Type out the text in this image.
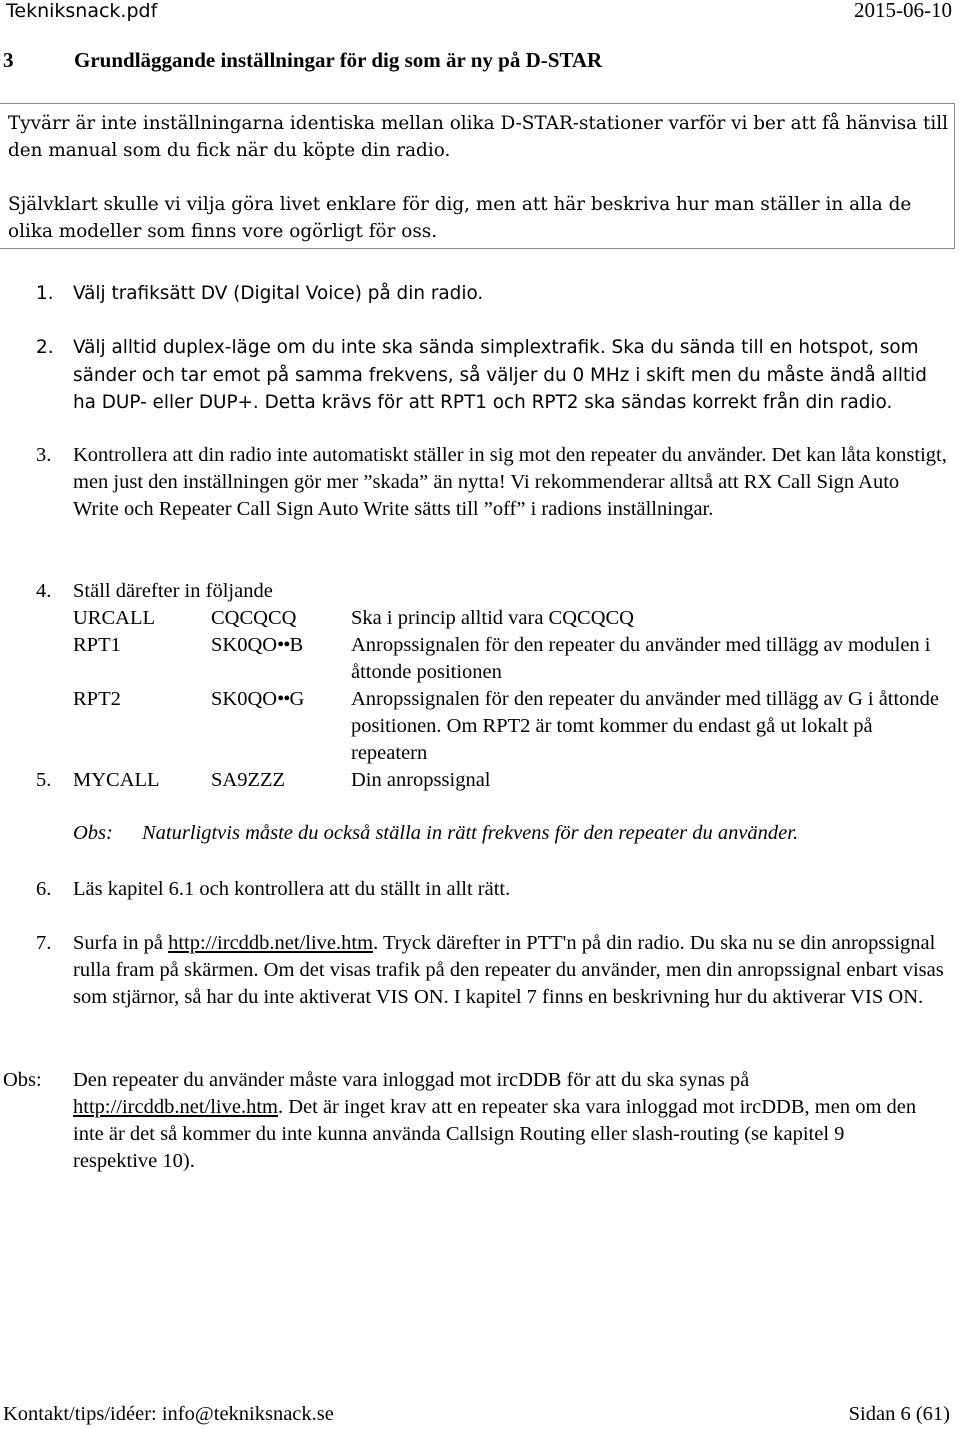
Tekniksnack.pdf	2015-06-10
3	Grundläggande inställningar för dig som är ny på D-STAR

Tyvärr är inte inställningarna identiska mellan olika D-STAR-stationer varför vi ber att få hänvisa till den manual som du fick när du köpte din radio.

Självklart skulle vi vilja göra livet enklare för dig, men att här beskriva hur man ställer in alla de olika modeller som finns vore ogörligt för oss.

1. Välj trafiksätt DV (Digital Voice) på din radio.
2. Välj alltid duplex-läge om du inte ska sända simplextrafik. Ska du sända till en hotspot, som sänder och tar emot på samma frekvens, så väljer du 0 MHz i skift men du måste ändå alltid ha DUP- eller DUP+. Detta krävs för att RPT1 och RPT2 ska sändas korrekt från din radio.
3. Kontrollera att din radio inte automatiskt ställer in sig mot den repeater du använder. Det kan låta konstigt, men just den inställningen gör mer ”skada” än nytta! Vi rekommenderar alltså att RX Call Sign Auto Write och Repeater Call Sign Auto Write sätts till ”off” i radions inställningar.
4. Ställ därefter in följande
URCALL	CQCQCQ	Ska i princip alltid vara CQCQCQ
RPT1	SK0QO••B Anropssignalen för den repeater du använder med tillägg av modulen i åttonde positionen
RPT2	SK0QO••G Anropssignalen för den repeater du använder med tillägg av G i åttonde positionen. Om RPT2 är tomt kommer du endast gå ut lokalt på repeatern
5. MYCALL	SA9ZZZ	Din anropssignal
Obs: Naturligtvis måste du också ställa in rätt frekvens för den repeater du använder.
6. Läs kapitel 6.1 och kontrollera att du ställt in allt rätt.
7. Surfa in på http://ircddb.net/live.htm. Tryck därefter in PTT'n på din radio. Du ska nu se din anropssignal rulla fram på skärmen. Om det visas trafik på den repeater du använder, men din anropssignal enbart visas som stjärnor, så har du inte aktiverat VIS ON. I kapitel 7 finns en beskrivning hur du aktiverar VIS ON.
Obs: Den repeater du använder måste vara inloggad mot ircDDB för att du ska synas på http://ircddb.net/live.htm. Det är inget krav att en repeater ska vara inloggad mot ircDDB, men om den inte är det så kommer du inte kunna använda Callsign Routing eller slash-routing (se kapitel 9 respektive 10).
Kontakt/tips/idéer: info@tekniksnack.se	Sidan 6 (61)
